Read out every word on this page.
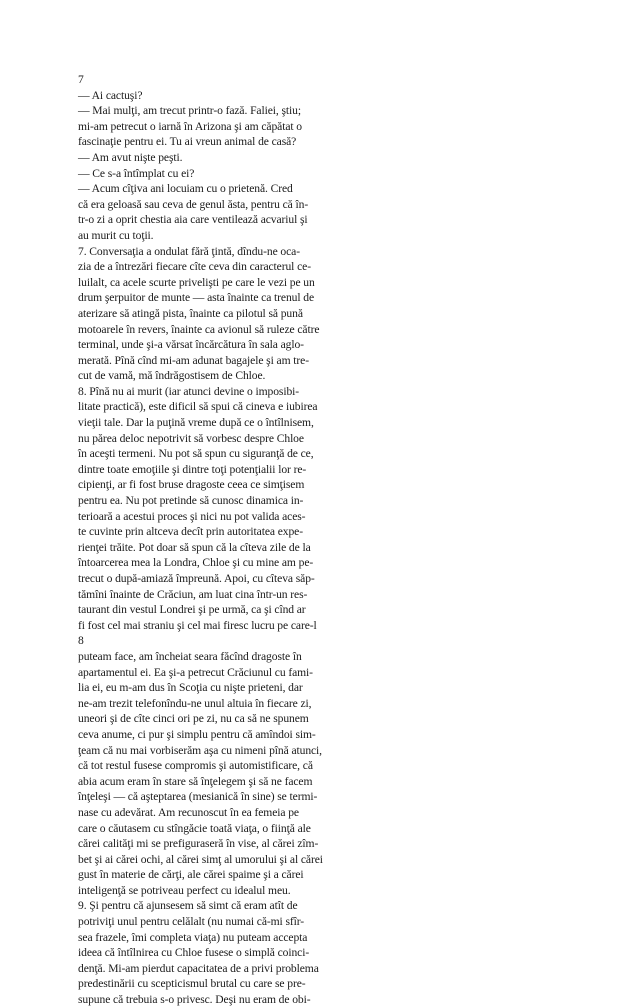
7
— Ai cactuşi?
— Mai mulţi, am trecut printr-o fază. Faliei, ştiu;
mi-am petrecut o iarnă în Arizona şi am căpătat o
fascinaţie pentru ei. Tu ai vreun animal de casă?
— Am avut nişte peşti.
— Ce s-a întîmplat cu ei?
— Acum cîţiva ani locuiam cu o prietenă. Cred
că era geloasă sau ceva de genul ăsta, pentru că în-
tr-o zi a oprit chestia aia care ventilează acvariul şi
au murit cu toţii.
7. Conversaţia a ondulat fără ţintă, dîndu-ne oca-
zia de a întrezări fiecare cîte ceva din caracterul ce-
luilalt, ca acele scurte privelişti pe care le vezi pe un
drum şerpuitor de munte — asta înainte ca trenul de
aterizare să atingă pista, înainte ca pilotul să pună
motoarele în revers, înainte ca avionul să ruleze către
terminal, unde şi-a vărsat încărcătura în sala aglo-
merată. Pînă cînd mi-am adunat bagajele şi am tre-
cut de vamă, mă îndrăgostisem de Chloe.
8. Pînă nu ai murit (iar atunci devine o imposibi-
litate practică), este dificil să spui că cineva e iubirea
vieţii tale. Dar la puţină vreme după ce o întîlnisem,
nu părea deloc nepotrivit să vorbesc despre Chloe
în aceşti termeni. Nu pot să spun cu siguranţă de ce,
dintre toate emoţiile şi dintre toţi potenţialii lor re-
cipienţi, ar fi fost bruse dragoste ceea ce simţisem
pentru ea. Nu pot pretinde să cunosc dinamica in-
terioară a acestui proces şi nici nu pot valida aces-
te cuvinte prin altceva decît prin autoritatea expe-
rienţei trăite. Pot doar să spun că la cîteva zile de la
întoarcerea mea la Londra, Chloe şi cu mine am pe-
trecut o după-amiază împreună. Apoi, cu cîteva săp-
tămîni înainte de Crăciun, am luat cina într-un res-
taurant din vestul Londrei şi pe urmă, ca şi cînd ar
fi fost cel mai straniu şi cel mai firesc lucru pe care-l
8
puteam face, am încheiat seara făcînd dragoste în
apartamentul ei. Ea şi-a petrecut Crăciunul cu fami-
lia ei, eu m-am dus în Scoţia cu nişte prieteni, dar
ne-am trezit telefonîndu-ne unul altuia în fiecare zi,
uneori şi de cîte cinci ori pe zi, nu ca să ne spunem
ceva anume, ci pur şi simplu pentru că amîndoi sim-
ţeam că nu mai vorbiserăm aşa cu nimeni pînă atunci,
că tot restul fusese compromis şi automistificare, că
abia acum eram în stare să înţelegem şi să ne facem
înţeleşi — că aşteptarea (mesianică în sine) se termi-
nase cu adevărat. Am recunoscut în ea femeia pe
care o căutasem cu stîngăcie toată viaţa, o fiinţă ale
cărei calităţi mi se prefiguraseră în vise, al cărei zîm-
bet şi ai cărei ochi, al cărei simţ al umorului şi al cărei
gust în materie de cărţi, ale cărei spaime şi a cărei
inteligenţă se potriveau perfect cu idealul meu.
9. Şi pentru că ajunsesem să simt că eram atît de
potriviţi unul pentru celălalt (nu numai că-mi sfîr-
sea frazele, îmi completa viaţa) nu puteam accepta
ideea că întîlnirea cu Chloe fusese o simplă coinci-
denţă. Mi-am pierdut capacitatea de a privi problema
predestinării cu scepticismul brutal cu care se pre-
supune că trebuia s-o privesc. Deşi nu eram de obi-
